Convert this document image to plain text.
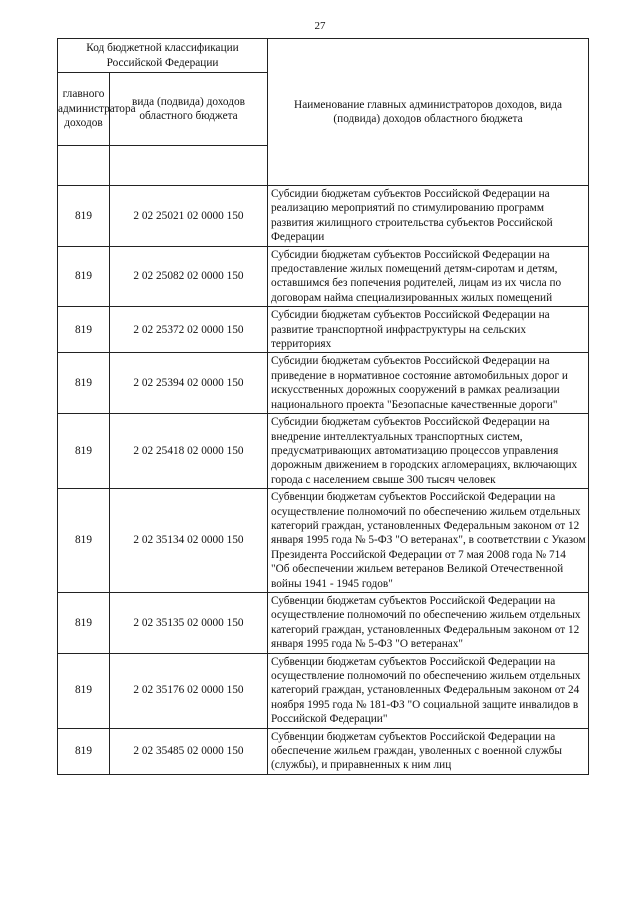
27
Код бюджетной классификации Российской Федерации		Наименование главных администраторов доходов, вида (подвида) доходов областного бюджета
главного администратора доходов	вида (подвида) доходов областного бюджета	

819	2 02 25021 02 0000 150	Субсидии бюджетам субъектов Российской Федерации на реализацию мероприятий по стимулированию программ развития жилищного строительства субъектов Российской Федерации
819	2 02 25082 02 0000 150	Субсидии бюджетам субъектов Российской Федерации на предоставление жилых помещений детям-сиротам и детям, оставшимся без попечения родителей, лицам из их числа по договорам найма специализированных жилых помещений
819	2 02 25372 02 0000 150	Субсидии бюджетам субъектов Российской Федерации на развитие транспортной инфраструктуры на сельских территориях
819	2 02 25394 02 0000 150	Субсидии бюджетам субъектов Российской Федерации на приведение в нормативное состояние автомобильных дорог и искусственных дорожных сооружений в рамках реализации национального проекта "Безопасные качественные дороги"
819	2 02 25418 02 0000 150	Субсидии бюджетам субъектов Российской Федерации на внедрение интеллектуальных транспортных систем, предусматривающих автоматизацию процессов управления дорожным движением в городских агломерациях, включающих города с населением свыше 300 тысяч человек
819	2 02 35134 02 0000 150	Субвенции бюджетам субъектов Российской Федерации на осуществление полномочий по обеспечению жильем отдельных категорий граждан, установленных Федеральным законом от 12 января 1995 года № 5-ФЗ "О ветеранах", в соответствии с Указом Президента Российской Федерации от 7 мая 2008 года № 714 "Об обеспечении жильем ветеранов Великой Отечественной войны 1941 - 1945 годов"
819	2 02 35135 02 0000 150	Субвенции бюджетам субъектов Российской Федерации на осуществление полномочий по обеспечению жильем отдельных категорий граждан, установленных Федеральным законом от 12 января 1995 года № 5-ФЗ "О ветеранах"
819	2 02 35176 02 0000 150	Субвенции бюджетам субъектов Российской Федерации на осуществление полномочий по обеспечению жильем отдельных категорий граждан, установленных Федеральным законом от 24 ноября 1995 года № 181-ФЗ "О социальной защите инвалидов в Российской Федерации"
819	2 02 35485 02 0000 150	Субвенции бюджетам субъектов Российской Федерации на обеспечение жильем граждан, уволенных с военной службы (службы), и приравненных к ним лиц
